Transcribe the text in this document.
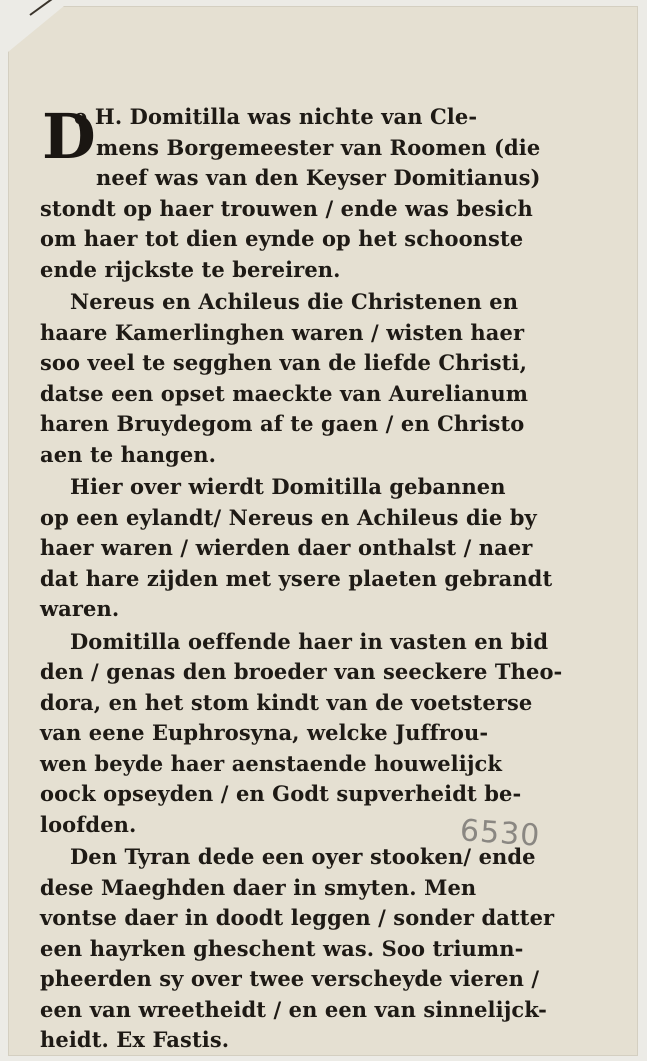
D
e H. Domitilla was nichte van Cle-
mens Borgemeester van Roomen (die
neef was van den Keyser Domitianus)
stondt op haer trouwen / ende was besich
om haer tot dien eynde op het schoonste
ende rijckste te bereiren.
Nereus en Achileus die Christenen en
haare Kamerlinghen waren / wisten haer
soo veel te segghen van de liefde Christi,
datse een opset maeckte van Aurelianum
haren Bruydegom af te gaen / en Christo
aen te hangen.
Hier over wierdt Domitilla gebannen
op een eylandt/ Nereus en Achileus die by
haer waren / wierden daer onthalst / naer
dat hare zijden met ysere plaeten gebrandt
waren.
Domitilla oeffende haer in vasten en bid
den / genas den broeder van seeckere Theo-
dora, en het stom kindt van de voetsterse
van eene Euphrosyna, welcke Juffrou-
wen beyde haer aenstaende houwelijck
oock opseyden / en Godt supverheidt be-
loofden.
Den Tyran dede een oyer stooken/ ende
dese Maeghden daer in smyten. Men
vontse daer in doodt leggen / sonder datter
een hayrken gheschent was. Soo triumn-
pheerden sy over twee verscheyde vieren /
een van wreetheidt / en een van sinnelijck-
heidt. Ex Fastis.
6530
